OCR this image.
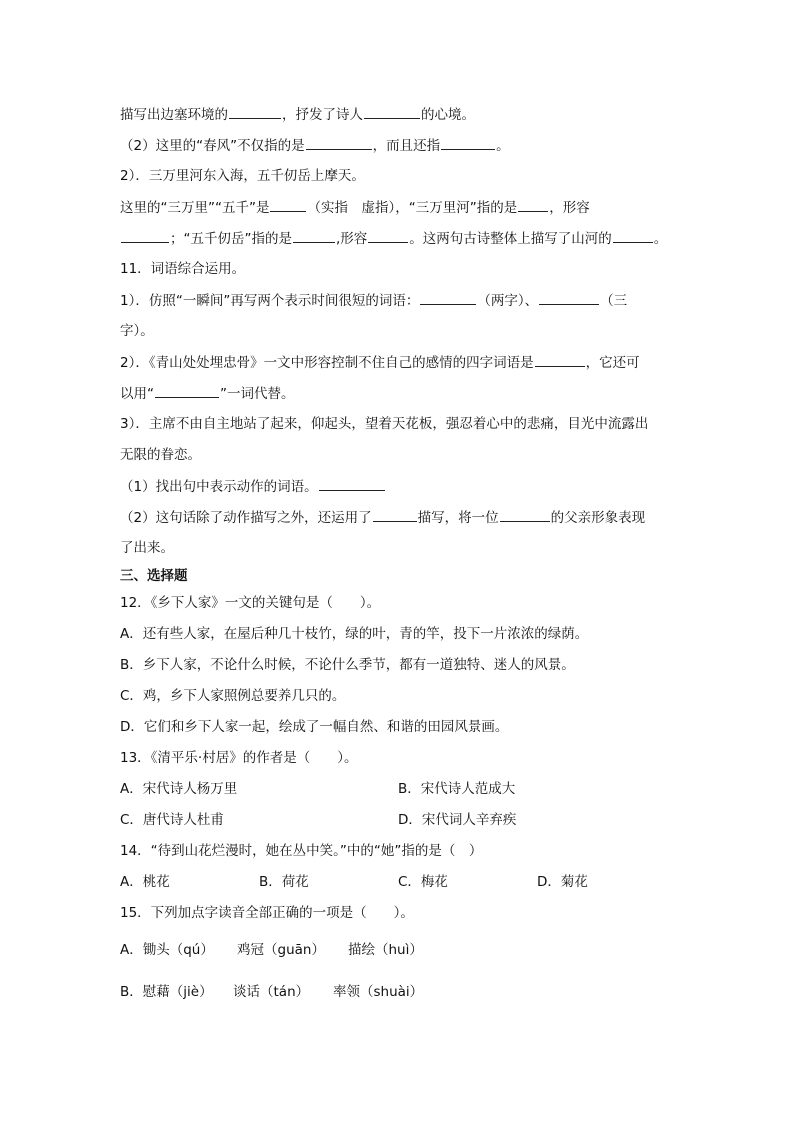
描写出边塞环境的	，抒发了诗人	的心境。
（2）这里的“春风”不仅指的是	，而且还指	。
2）．三万里河东入海，五千仞岳上摩天。
这里的“三万里”“五千”是	（实指　虚指），“三万里河”指的是 ，形容
；“五千仞岳”指的是	,形容	。这两句古诗整体上描写了山河的	。
11．词语综合运用。
1）．仿照“一瞬间”再写两个表示时间很短的词语：	（两字）、	（三
字）。
2）．《青山处处埋忠骨》一文中形容控制不住自己的感情的四字词语是	，它还可
以用“	”一词代替。
3）．主席不由自主地站了起来，仰起头，望着天花板，强忍着心中的悲痛，目光中流露出
无限的眷恋。
（1）找出句中表示动作的词语。
（2）这句话除了动作描写之外，还运用了	描写，将一位	的父亲形象表现
了出来。
三、选择题
12．《乡下人家》一文的关键句是（　　）。
A．还有些人家，在屋后种几十枝竹，绿的叶，青的竿，投下一片浓浓的绿荫。
B．乡下人家，不论什么时候，不论什么季节，都有一道独特、迷人的风景。
C．鸡，乡下人家照例总要养几只的。
D．它们和乡下人家一起，绘成了一幅自然、和谐的田园风景画。
13．《清平乐·村居》的作者是（　　）。
A．宋代诗人杨万里	B．宋代诗人范成大
C．唐代诗人杜甫	D．宋代词人辛弃疾
14．“待到山花烂漫时，她在丛中笑。”中的“她”指的是（　）
A．桃花	B．荷花	C．梅花	D．菊花
15．下列加点字读音全部正确的一项是（　　）。
A．锄头（qú） 鸡冠（guān） 描绘（huì）
B．慰藉（jiè） 谈话（tán） 率领（shuài）
